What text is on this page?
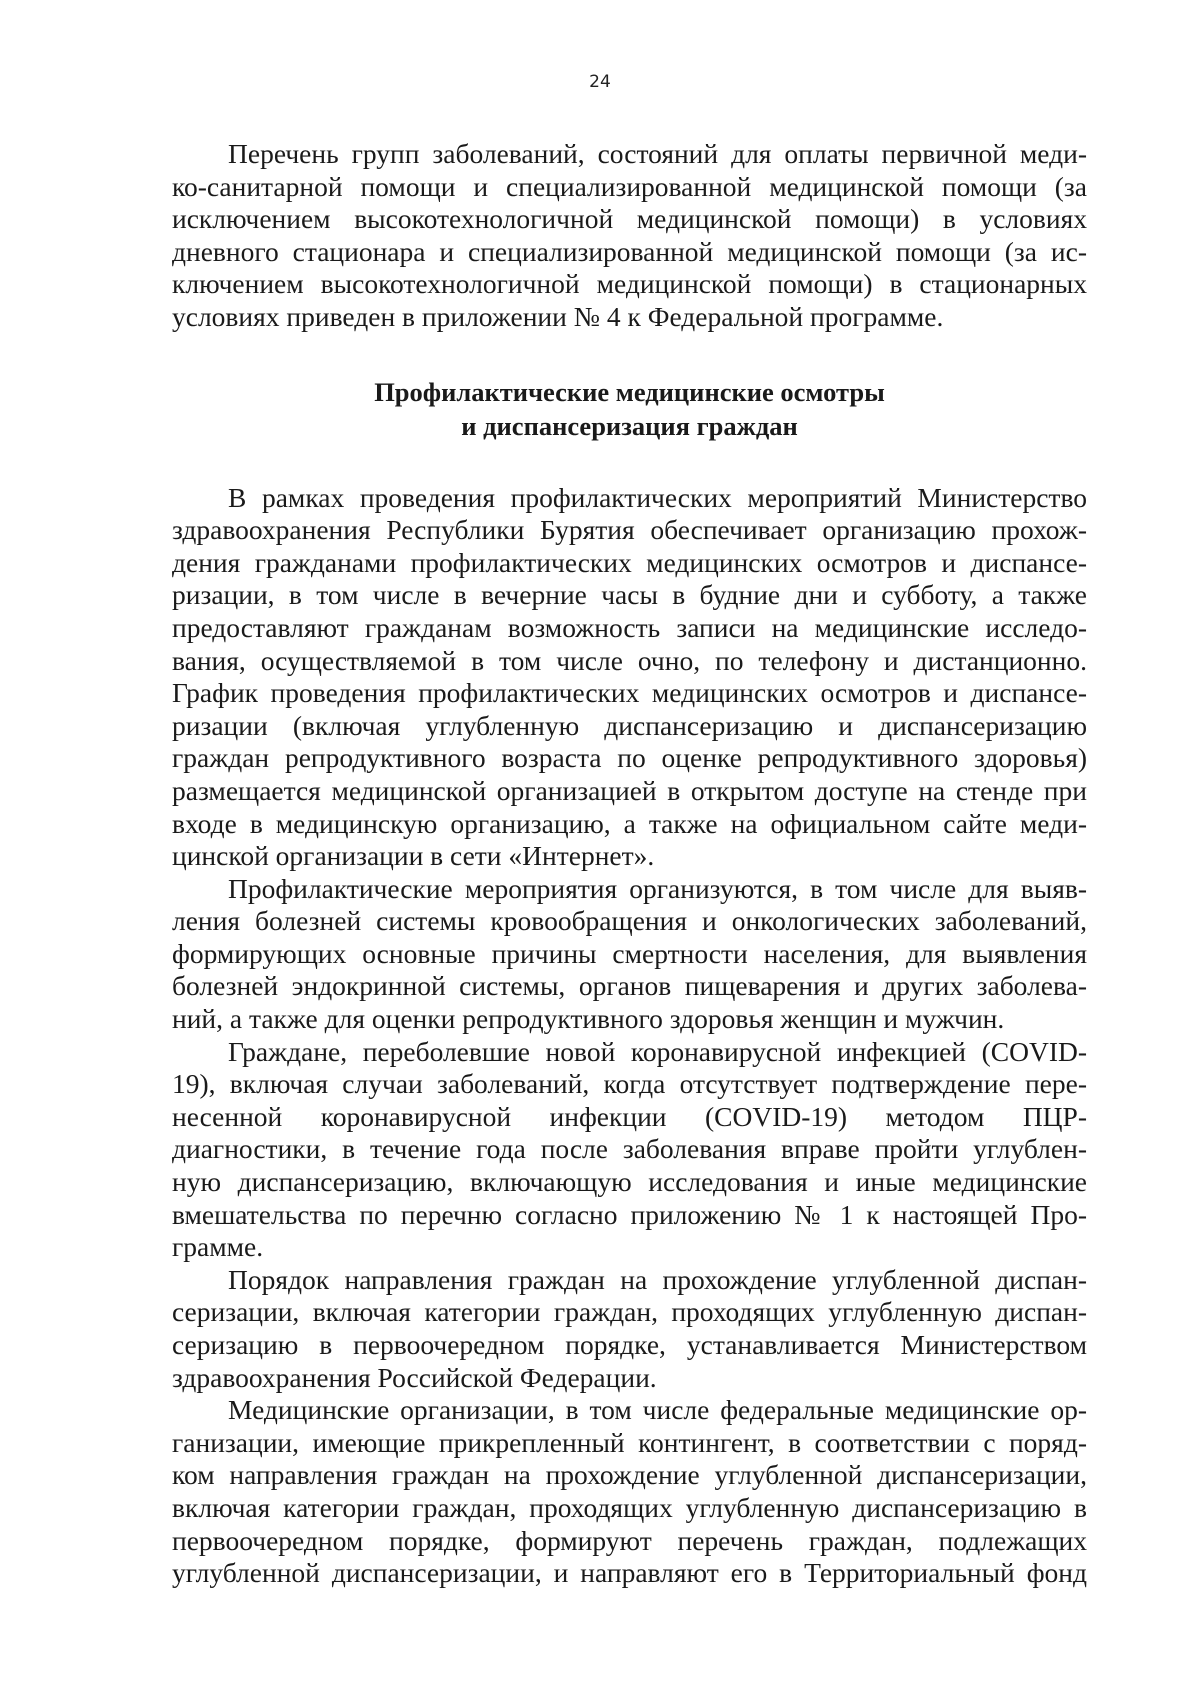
24
Перечень групп заболеваний, состояний для оплаты первичной меди-
ко-санитарной помощи и специализированной медицинской помощи (за
исключением высокотехнологичной медицинской помощи) в условиях
дневного стационара и специализированной медицинской помощи (за ис-
ключением высокотехнологичной медицинской помощи) в стационарных
условиях приведен в приложении № 4 к Федеральной программе.
Профилактические медицинские осмотры
и диспансеризация граждан
В рамках проведения профилактических мероприятий Министерство
здравоохранения Республики Бурятия обеспечивает организацию прохож-
дения гражданами профилактических медицинских осмотров и диспансе-
ризации, в том числе в вечерние часы в будние дни и субботу, а также
предоставляют гражданам возможность записи на медицинские исследо-
вания, осуществляемой в том числе очно, по телефону и дистанционно.
График проведения профилактических медицинских осмотров и диспансе-
ризации (включая углубленную диспансеризацию и диспансеризацию
граждан репродуктивного возраста по оценке репродуктивного здоровья)
размещается медицинской организацией в открытом доступе на стенде при
входе в медицинскую организацию, а также на официальном сайте меди-
цинской организации в сети «Интернет».
Профилактические мероприятия организуются, в том числе для выяв-
ления болезней системы кровообращения и онкологических заболеваний,
формирующих основные причины смертности населения, для выявления
болезней эндокринной системы, органов пищеварения и других заболева-
ний, а также для оценки репродуктивного здоровья женщин и мужчин.
Граждане, переболевшие новой коронавирусной инфекцией (COVID-
19), включая случаи заболеваний, когда отсутствует подтверждение пере-
несенной коронавирусной инфекции (COVID-19) методом ПЦР-
диагностики, в течение года после заболевания вправе пройти углублен-
ную диспансеризацию, включающую исследования и иные медицинские
вмешательства по перечню согласно приложению № 1 к настоящей Про-
грамме.
Порядок направления граждан на прохождение углубленной диспан-
серизации, включая категории граждан, проходящих углубленную диспан-
серизацию в первоочередном порядке, устанавливается Министерством
здравоохранения Российской Федерации.
Медицинские организации, в том числе федеральные медицинские ор-
ганизации, имеющие прикрепленный контингент, в соответствии с поряд-
ком направления граждан на прохождение углубленной диспансеризации,
включая категории граждан, проходящих углубленную диспансеризацию в
первоочередном порядке, формируют перечень граждан, подлежащих
углубленной диспансеризации, и направляют его в Территориальный фонд
